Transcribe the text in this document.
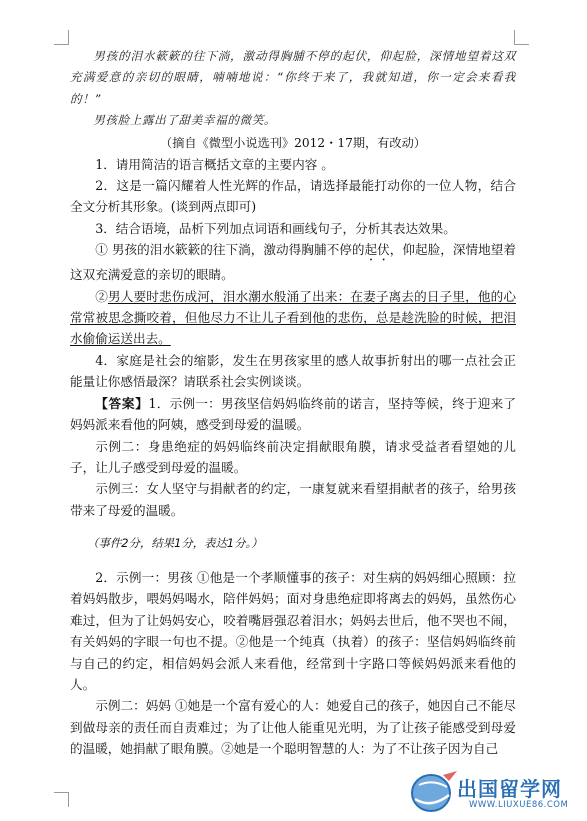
男孩的泪水簌簌的往下淌，激动得胸脯不停的起伏，仰起脸，深情地望着这双充满爱意的亲切的眼睛，喃喃地说：“你终于来了，我就知道，你一定会来看我的！”

男孩脸上露出了甜美幸福的微笑。

（摘自《微型小说选刊》2012・17期，有改动）

1．请用简洁的语言概括文章的主要内容 。

2．这是一篇闪耀着人性光辉的作品，请选择最能打动你的一位人物，结合全文分析其形象。(谈到两点即可)

3．结合语境，品析下列加点词语和画线句子，分析其表达效果。

① 男孩的泪水簌簌的往下淌，激动得胸脯不停的起伏，仰起脸，深情地望着这双充满爱意的亲切的眼睛。

②男人要时悲伤成河，泪水潮水般涌了出来：在妻子离去的日子里，他的心常常被思念撕咬着，但他尽力不让儿子看到他的悲伤，总是趁洗脸的时候，把泪水偷偷运送出去。

4．家庭是社会的缩影，发生在男孩家里的感人故事折射出的哪一点社会正能量让你感悟最深？请联系社会实例谈谈。

【答案】1．示例一：男孩坚信妈妈临终前的诺言，坚持等候，终于迎来了妈妈派来看他的阿姨，感受到母爱的温暖。

示例二：身患绝症的妈妈临终前决定捐献眼角膜，请求受益者看望她的儿子，让儿子感受到母爱的温暖。

示例三：女人坚守与捐献者的约定，一康复就来看望捐献者的孩子，给男孩带来了母爱的温暖。

（事件2分，结果1分，表达1分。）

2．示例一：男孩 ①他是一个孝顺懂事的孩子：对生病的妈妈细心照顾：拉着妈妈散步，喂妈妈喝水，陪伴妈妈；面对身患绝症即将离去的妈妈，虽然伤心难过，但为了让妈妈安心，咬着嘴唇强忍着泪水；妈妈去世后，他不哭也不闹，有关妈妈的字眼一句也不提。②他是一个纯真（执着）的孩子：坚信妈妈临终前与自己的约定，相信妈妈会派人来看他，经常到十字路口等候妈妈派来看他的人。

示例二：妈妈 ①她是一个富有爱心的人：她爱自己的孩子，她因自己不能尽到做母亲的责任而自责难过；为了让他人能重见光明，为了让孩子能感受到母爱的温暖，她捐献了眼角膜。②她是一个聪明智慧的人：为了不让孩子因为自己

出国留学网
WWW.LIUXUE86.COM
